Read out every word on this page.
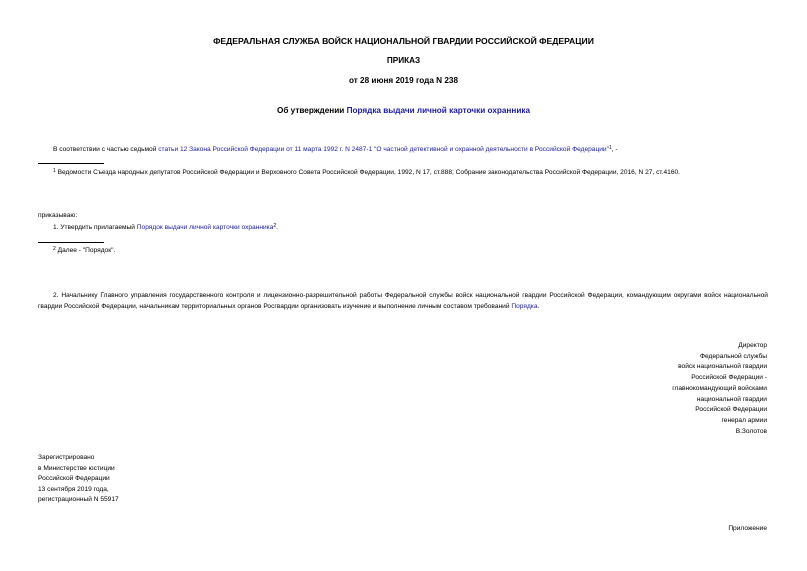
ФЕДЕРАЛЬНАЯ СЛУЖБА ВОЙСК НАЦИОНАЛЬНОЙ ГВАРДИИ РОССИЙСКОЙ ФЕДЕРАЦИИ
ПРИКАЗ
от 28 июня 2019 года N 238
Об утверждении Порядка выдачи личной карточки охранника
В соответствии с частью седьмой статьи 12 Закона Российской Федерации от 11 марта 1992 г. N 2487-1 "О частной детективной и охранной деятельности в Российской Федерации"$^1$, -
$^1$ Ведомости Съезда народных депутатов Российской Федерации и Верховного Совета Российской Федерации, 1992, N 17, ст.888; Собрание законодательства Российской Федерации, 2016, N 27, ст.4160.
приказываю:
1. Утвердить прилагаемый Порядок выдачи личной карточки охранника$^2$.
$^2$ Далее - "Порядок".
2. Начальнику Главного управления государственного контроля и лицензионно-разрешительной работы Федеральной службы войск национальной гвардии Российской Федерации, командующим округами войск национальной гвардии Российской Федерации, начальникам территориальных органов Росгвардии организовать изучение и выполнение личным составом требований Порядка.
Директор
Федеральной службы
войск национальной гвардии
Российской Федерации -
главнокомандующий войсками
национальной гвардии
Российской Федерации
генерал армии
В.Золотов
Зарегистрировано
в Министерстве юстиции
Российской Федерации
13 сентября 2019 года,
регистрационный N 55917
Приложение
